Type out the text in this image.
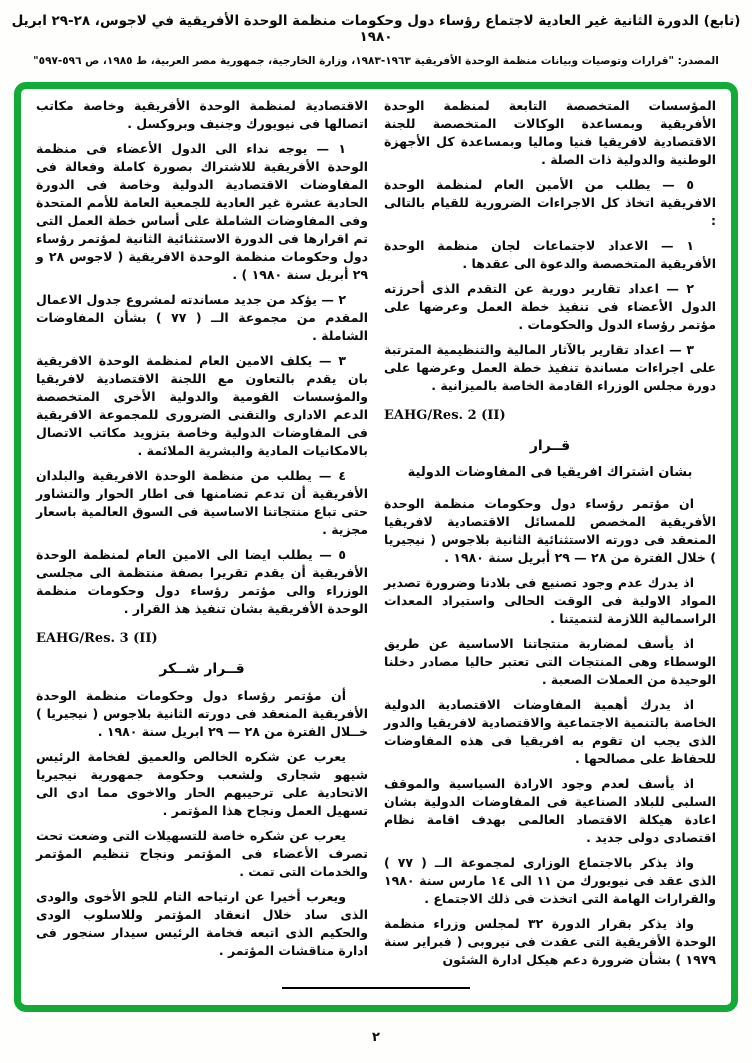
(تابع) الدورة الثانية غير العادية لاجتماع رؤساء دول وحكومات منظمة الوحدة الأفريقية في لاجوس، ٢٨-٢٩ ابريل ١٩٨٠
المصدر: "قرارات وتوصيات وبيانات منظمة الوحدة الأفريقية ١٩٦٣-١٩٨٣، وزارة الخارجية، جمهورية مصر العربية، ط ١٩٨٥، ص ٥٩٦-٥٩٧"

المؤسسات المتخصصة التابعة لمنظمة الوحدة الأفريقية وبمساعدة الوكالات المتخصصة للجنة الاقتصادية لافريقيا فنيا وماليا وبمساعدة كل الأجهزة الوطنية والدولية ذات الصلة .

٥ — يطلب من الأمين العام لمنظمة الوحدة الافريقية اتخاذ كل الاجراءات الضرورية للقيام بالتالى :

١ — الاعداد لاجتماعات لجان منظمة الوحدة الأفريقية المتخصصة والدعوة الى عقدها .

٢ — اعداد تقارير دورية عن التقدم الذى أحرزته الدول الأعضاء فى تنفيذ خطة العمل وعرضها على مؤتمر رؤساء الدول والحكومات .

٣ — اعداد تقارير بالآثار المالية والتنظيمية المترتبة على اجراءات مساندة تنفيذ خطة العمل وعرضها على دورة مجلس الوزراء القادمة الخاصة بالميزانية .

EAHG/Res. 2 (II)

قــرار

بشان اشتراك افريقيا فى المفاوضات الدولية

ان مؤتمر رؤساء دول وحكومات منظمة الوحدة الأفريقية المخصص للمسائل الاقتصادية لافريقيا المنعقد فى دورته الاستثنائية الثانية بلاجوس ( نيجيريا ) خلال الفترة من ٢٨ — ٢٩ أبريل سنة ١٩٨٠ .

اذ يدرك عدم وجود تصنيع فى بلادنا وضرورة تصدير المواد الاولية فى الوقت الحالى واستيراد المعدات الراسمالية اللازمة لتنميتنا .

اذ يأسف لمضاربة منتجاتنا الاساسية عن طريق الوسطاء وهى المنتجات التى تعتبر حاليا مصادر دخلنا الوحيدة من العملات الصعبة .

اذ يدرك أهمية المفاوضات الاقتصادية الدولية الخاصة بالتنمية الاجتماعية والاقتصادية لافريقيا والدور الذى يجب ان تقوم به افريقيا فى هذه المفاوضات للحفاظ على مصالحها .

اذ يأسف لعدم وجود الارادة السياسية والموقف السلبى للبلاد الصناعية فى المفاوضات الدولية بشان اعادة هيكلة الاقتصاد العالمى بهدف اقامة نظام اقتصادى دولى جديد .

واذ يذكر بالاجتماع الوزارى لمجموعة الــ ( ٧٧ ) الذى عقد فى نيويورك من ١١ الى ١٤ مارس سنة ١٩٨٠ والقرارات الهامة التى اتخذت فى ذلك الاجتماع .

واذ يذكر بقرار الدورة ٣٢ لمجلس وزراء منظمة الوحدة الأفريقية التى عقدت فى نيروبى ( فبراير سنة ١٩٧٩ ) بشأن ضرورة دعم هيكل ادارة الشئون

الاقتصادية لمنظمة الوحدة الأفريقية وخاصة مكاتب اتصالها فى نيويورك وجنيف وبروكسل .

١ — يوجه نداء الى الدول الأعضاء فى منظمة الوحدة الأفريقية للاشتراك بصورة كاملة وفعالة فى المفاوضات الاقتصادية الدولية وخاصة فى الدورة الحادية عشرة غير العادية للجمعية العامة للأمم المتحدة وفى المفاوضات الشاملة على أساس خطة العمل التى تم اقرارها فى الدورة الاستثنائية الثانية لمؤتمر رؤساء دول وحكومات منظمة الوحدة الافريقية ( لاجوس ٢٨ و ٢٩ أبريل سنة ١٩٨٠ ) .

٢ — يؤكد من جديد مساندته لمشروع جدول الاعمال المقدم من مجموعة الــ ( ٧٧ ) بشأن المفاوضات الشاملة .

٣ — يكلف الامين العام لمنظمة الوحدة الافريقية بان يقدم بالتعاون مع اللجنة الاقتصادية لافريقيا والمؤسسات القومية والدولية الأخرى المتخصصة الدعم الادارى والتقنى الضرورى للمجموعة الافريقية فى المفاوضات الدولية وخاصة بتزويد مكاتب الاتصال بالامكانيات المادية والبشرية الملائمة .

٤ — يطلب من منظمة الوحدة الافريقية والبلدان الأفريقية أن تدعم تضامنها فى اطار الحوار والتشاور حتى تباع منتجاتنا الاساسية فى السوق العالمية باسعار مجزية .

٥ — يطلب ايضا الى الامين العام لمنظمة الوحدة الأفريقية أن يقدم تقريرا بصفة منتظمة الى مجلسى الوزراء والى مؤتمر رؤساء دول وحكومات منظمة الوحدة الأفريقية بشان تنفيذ هذ القرار .

EAHG/Res. 3 (II)

قــرار شــكر

أن مؤتمر رؤساء دول وحكومات منظمة الوحدة الأفريقية المنعقد فى دورته الثانية بلاجوس ( نيجيريا ) خــلال الفترة من ٢٨ — ٢٩ ابريل سنة ١٩٨٠ .

يعرب عن شكره الخالص والعميق لفخامة الرئيس شيهو شجارى ولشعب وحكومة جمهورية نيجيريا الاتحادية على ترحيبهم الحار والاخوى مما ادى الى تسهيل العمل ونجاح هذا المؤتمر .

يعرب عن شكره خاصة للتسهيلات التى وضعت تحت تصرف الأعضاء فى المؤتمر ونجاح تنظيم المؤتمر والخدمات التى تمت .

ويعرب أخيرا عن ارتياحه التام للجو الأخوى والودى الذى ساد خلال انعقاد المؤتمر وللاسلوب الودى والحكيم الذى اتبعه فخامة الرئيس سيدار سنجور فى ادارة مناقشات المؤتمر .

٢
